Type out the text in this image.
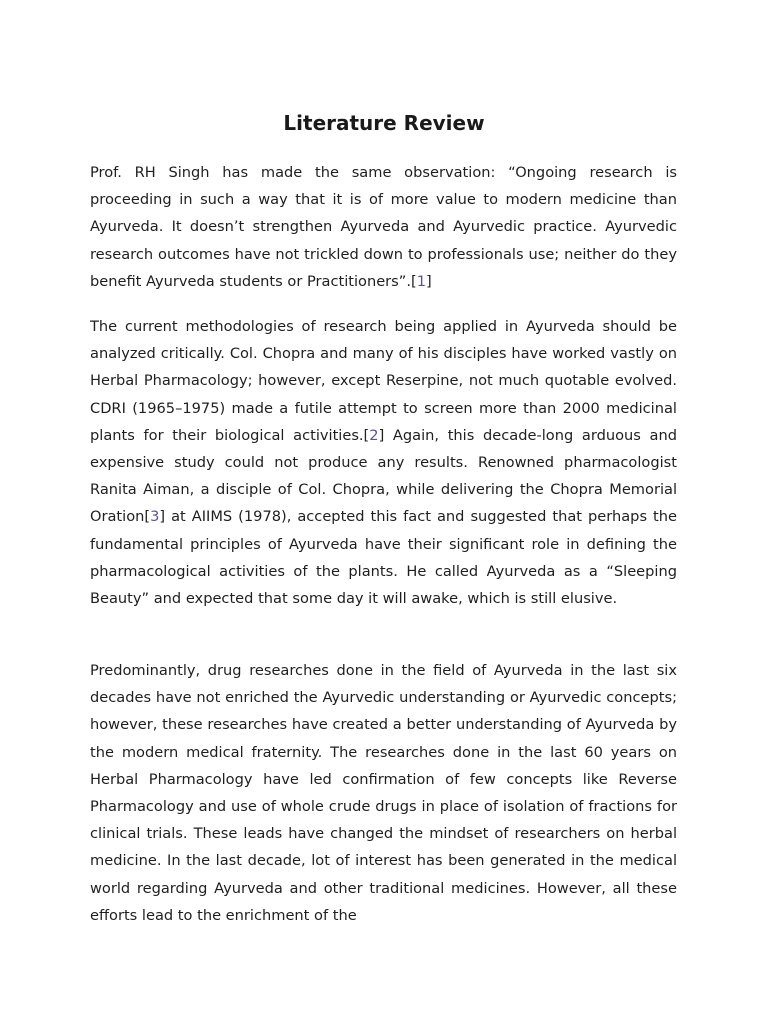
Literature Review

Prof. RH Singh has made the same observation: “Ongoing research is proceeding in such a way that it is of more value to modern medicine than Ayurveda. It doesn’t strengthen Ayurveda and Ayurvedic practice. Ayurvedic research outcomes have not trickled down to professionals use; neither do they benefit Ayurveda students or Practitioners”.[1]

The current methodologies of research being applied in Ayurveda should be analyzed critically. Col. Chopra and many of his disciples have worked vastly on Herbal Pharmacology; however, except Reserpine, not much quotable evolved. CDRI (1965–1975) made a futile attempt to screen more than 2000 medicinal plants for their biological activities.[2] Again, this decade-long arduous and expensive study could not produce any results. Renowned pharmacologist Ranita Aiman, a disciple of Col. Chopra, while delivering the Chopra Memorial Oration[3] at AIIMS (1978), accepted this fact and suggested that perhaps the fundamental principles of Ayurveda have their significant role in defining the pharmacological activities of the plants. He called Ayurveda as a “Sleeping Beauty” and expected that some day it will awake, which is still elusive.

Predominantly, drug researches done in the field of Ayurveda in the last six decades have not enriched the Ayurvedic understanding or Ayurvedic concepts; however, these researches have created a better understanding of Ayurveda by the modern medical fraternity. The researches done in the last 60 years on Herbal Pharmacology have led confirmation of few concepts like Reverse Pharmacology and use of whole crude drugs in place of isolation of fractions for clinical trials. These leads have changed the mindset of researchers on herbal medicine. In the last decade, lot of interest has been generated in the medical world regarding Ayurveda and other traditional medicines. However, all these efforts lead to the enrichment of the
